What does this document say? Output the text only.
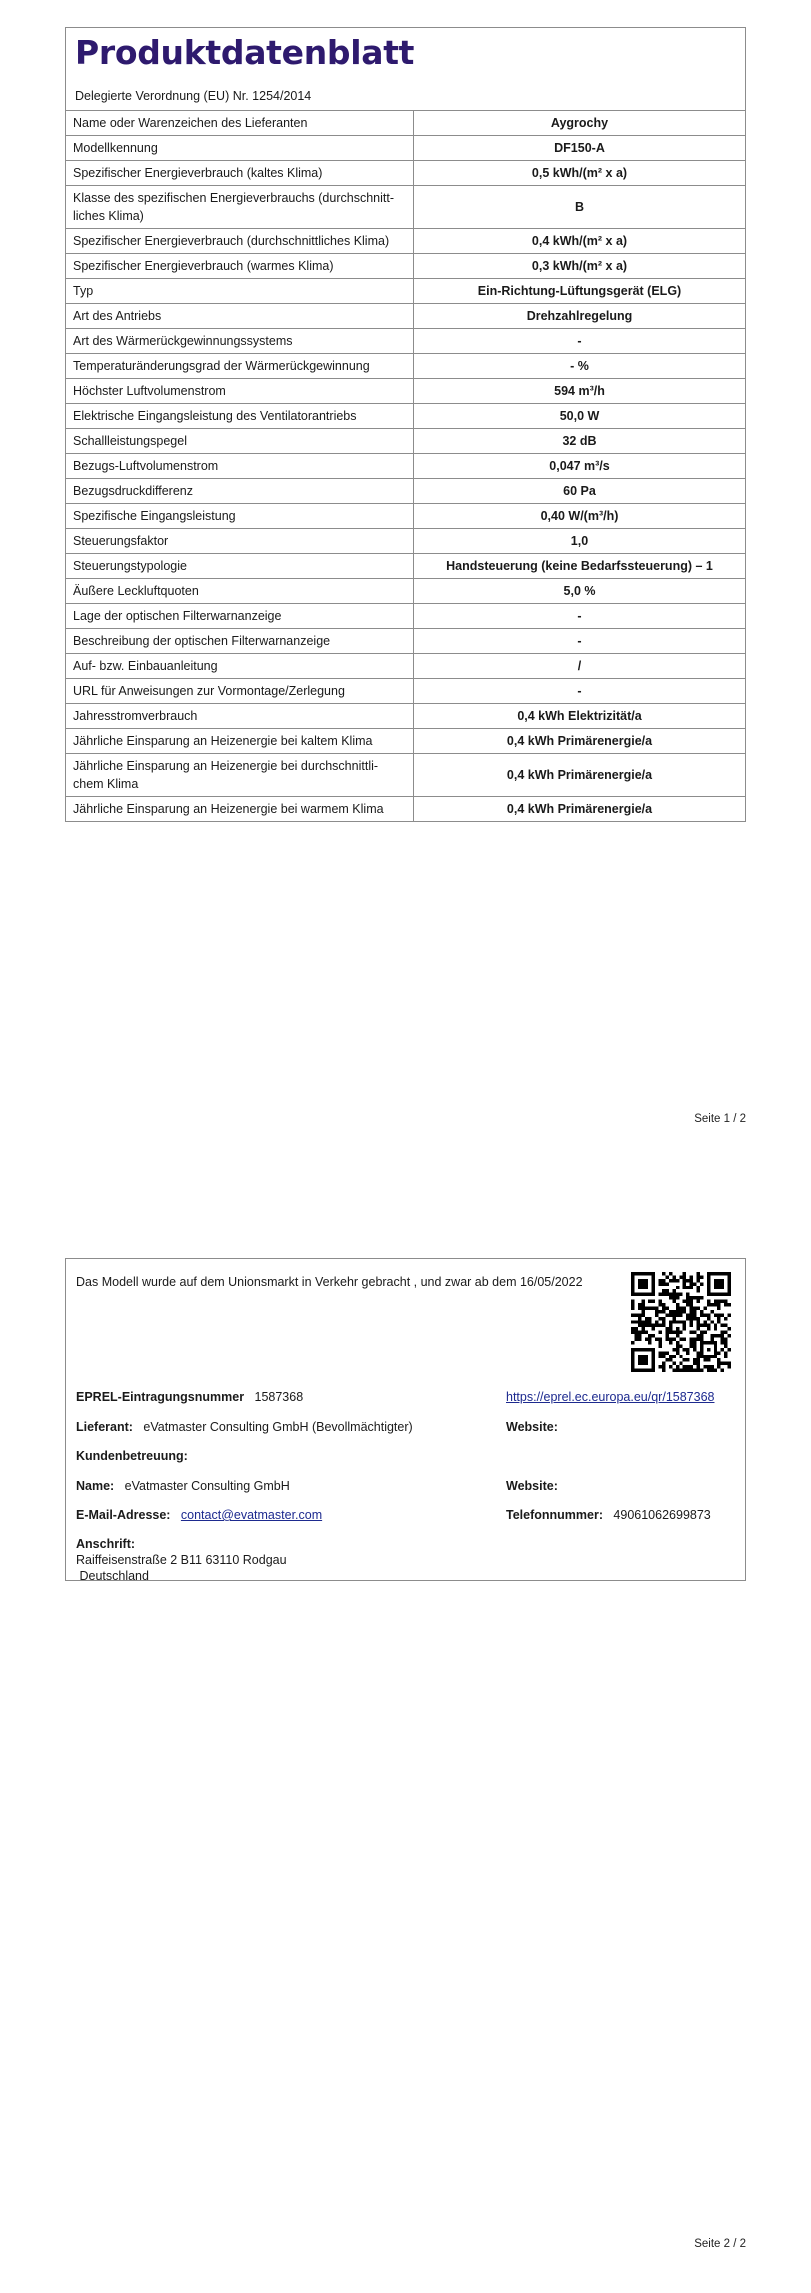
Produktdatenblatt
Delegierte Verordnung (EU) Nr. 1254/2014
Name oder Warenzeichen des Lieferanten	Aygrochy
Modellkennung	DF150-A
Spezifischer Energieverbrauch (kaltes Klima)	0,5 kWh/(m² x a)
Klasse des spezifischen Energieverbrauchs (durchschnitt-liches Klima)	B
Spezifischer Energieverbrauch (durchschnittliches Klima)	0,4 kWh/(m² x a)
Spezifischer Energieverbrauch (warmes Klima)	0,3 kWh/(m² x a)
Typ	Ein-Richtung-Lüftungsgerät (ELG)
Art des Antriebs	Drehzahlregelung
Art des Wärmerückgewinnungssystems	-
Temperaturänderungsgrad der Wärmerückgewinnung	- %
Höchster Luftvolumenstrom	594 m³/h
Elektrische Eingangsleistung des Ventilatorantriebs	50,0 W
Schallleistungspegel	32 dB
Bezugs-Luftvolumenstrom	0,047 m³/s
Bezugsdruckdifferenz	60 Pa
Spezifische Eingangsleistung	0,40 W/(m³/h)
Steuerungsfaktor	1,0
Steuerungstypologie	Handsteuerung (keine Bedarfssteuerung) – 1
Äußere Leckluftquoten	5,0 %
Lage der optischen Filterwarnanzeige	-
Beschreibung der optischen Filterwarnanzeige	-
Auf- bzw. Einbauanleitung	/
URL für Anweisungen zur Vormontage/Zerlegung	-
Jahresstromverbrauch	0,4 kWh Elektrizität/a
Jährliche Einsparung an Heizenergie bei kaltem Klima	0,4 kWh Primärenergie/a
Jährliche Einsparung an Heizenergie bei durchschnittli-chem Klima	0,4 kWh Primärenergie/a
Jährliche Einsparung an Heizenergie bei warmem Klima	0,4 kWh Primärenergie/a
Seite 1 / 2
Das Modell wurde auf dem Unionsmarkt in Verkehr gebracht , und zwar ab dem 16/05/2022
EPREL-Eintragungsnummer 1587368	https://eprel.ec.europa.eu/qr/1587368
Lieferant: eVatmaster Consulting GmbH (Bevollmächtigter)	Website:
Kundenbetreuung:
Name: eVatmaster Consulting GmbH	Website:
E-Mail-Adresse: contact@evatmaster.com	Telefonnummer: 49061062699873
Anschrift:
Raiffeisenstraße 2 B11 63110 Rodgau
Deutschland
Seite 2 / 2
